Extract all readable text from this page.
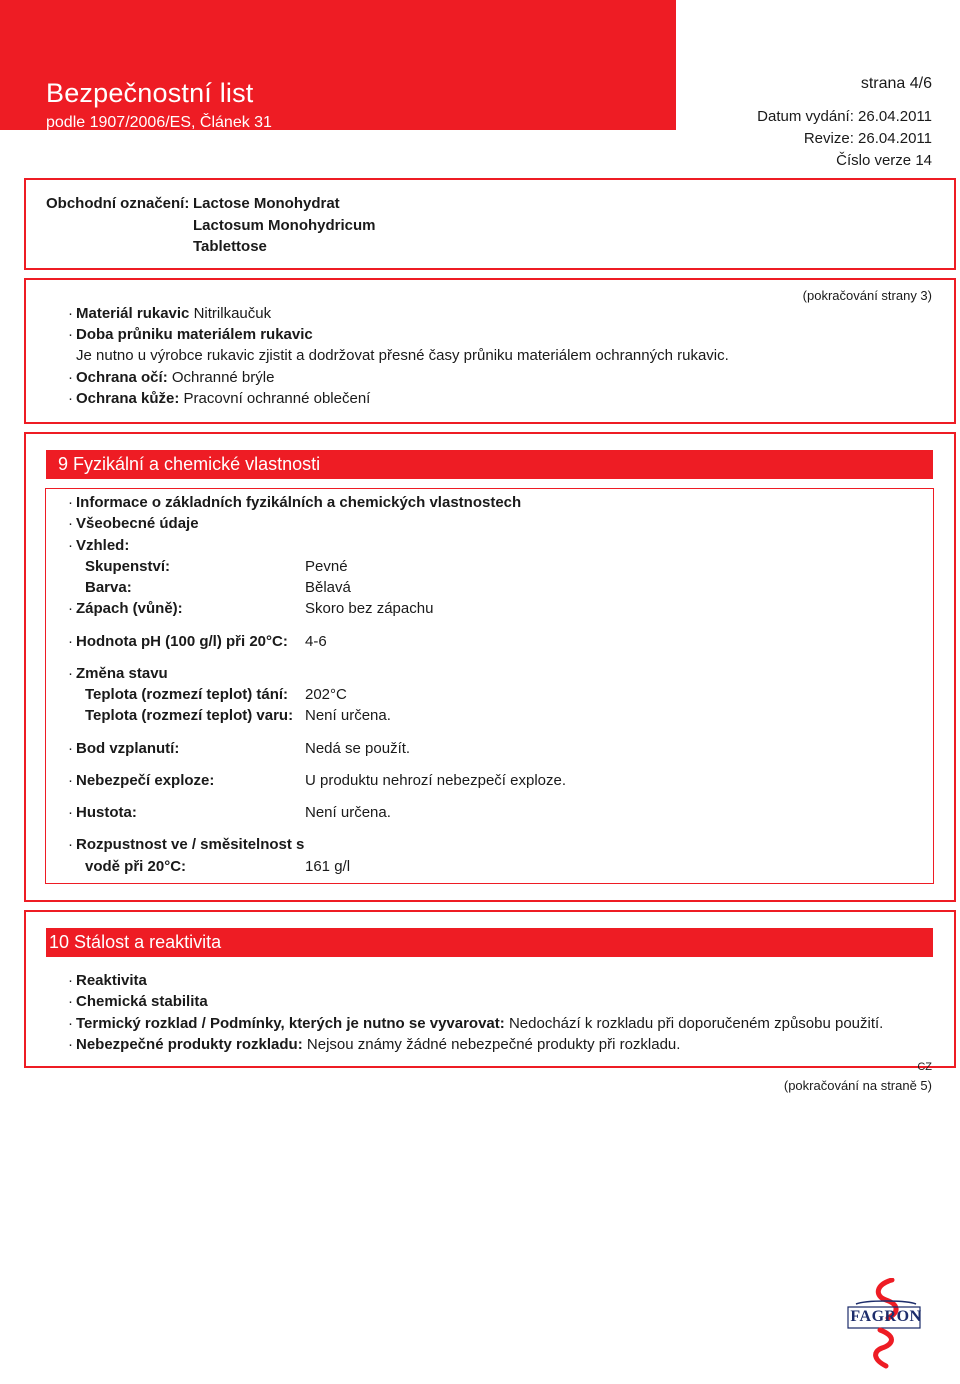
Bezpečnostní list
podle 1907/2006/ES, Článek 31
strana 4/6
Datum vydání: 26.04.2011
Revize: 26.04.2011
Číslo verze 14
Obchodní označení: Lactose Monohydrat
Lactosum Monohydricum
Tablettose
(pokračování strany 3)
· Materiál rukavic Nitrilkaučuk
· Doba průniku materiálem rukavic
Je nutno u výrobce rukavic zjistit a dodržovat přesné časy průniku materiálem ochranných rukavic.
· Ochrana očí: Ochranné brýle
· Ochrana kůže: Pracovní ochranné oblečení
9 Fyzikální a chemické vlastnosti
· Informace o základních fyzikálních a chemických vlastnostech
· Všeobecné údaje
· Vzhled:
Skupenství:	Pevné
Barva:	Bělavá
· Zápach (vůně):	Skoro bez zápachu
· Hodnota pH (100 g/l) při 20°C: 4-6
· Změna stavu
Teplota (rozmezí teplot) tání: 202°C
Teplota (rozmezí teplot) varu: Není určena.
· Bod vzplanutí:	Nedá se použít.
· Nebezpečí exploze:	U produktu nehrozí nebezpečí exploze.
· Hustota:	Není určena.
· Rozpustnost ve / směsitelnost s
vodě při 20°C:	161 g/l
10 Stálost a reaktivita
· Reaktivita
· Chemická stabilita
· Termický rozklad / Podmínky, kterých je nutno se vyvarovat: Nedochází k rozkladu při doporučeném způsobu použití.
· Nebezpečné produkty rozkladu: Nejsou známy žádné nebezpečné produkty při rozkladu.
CZ
(pokračování na straně 5)
FAGRON
